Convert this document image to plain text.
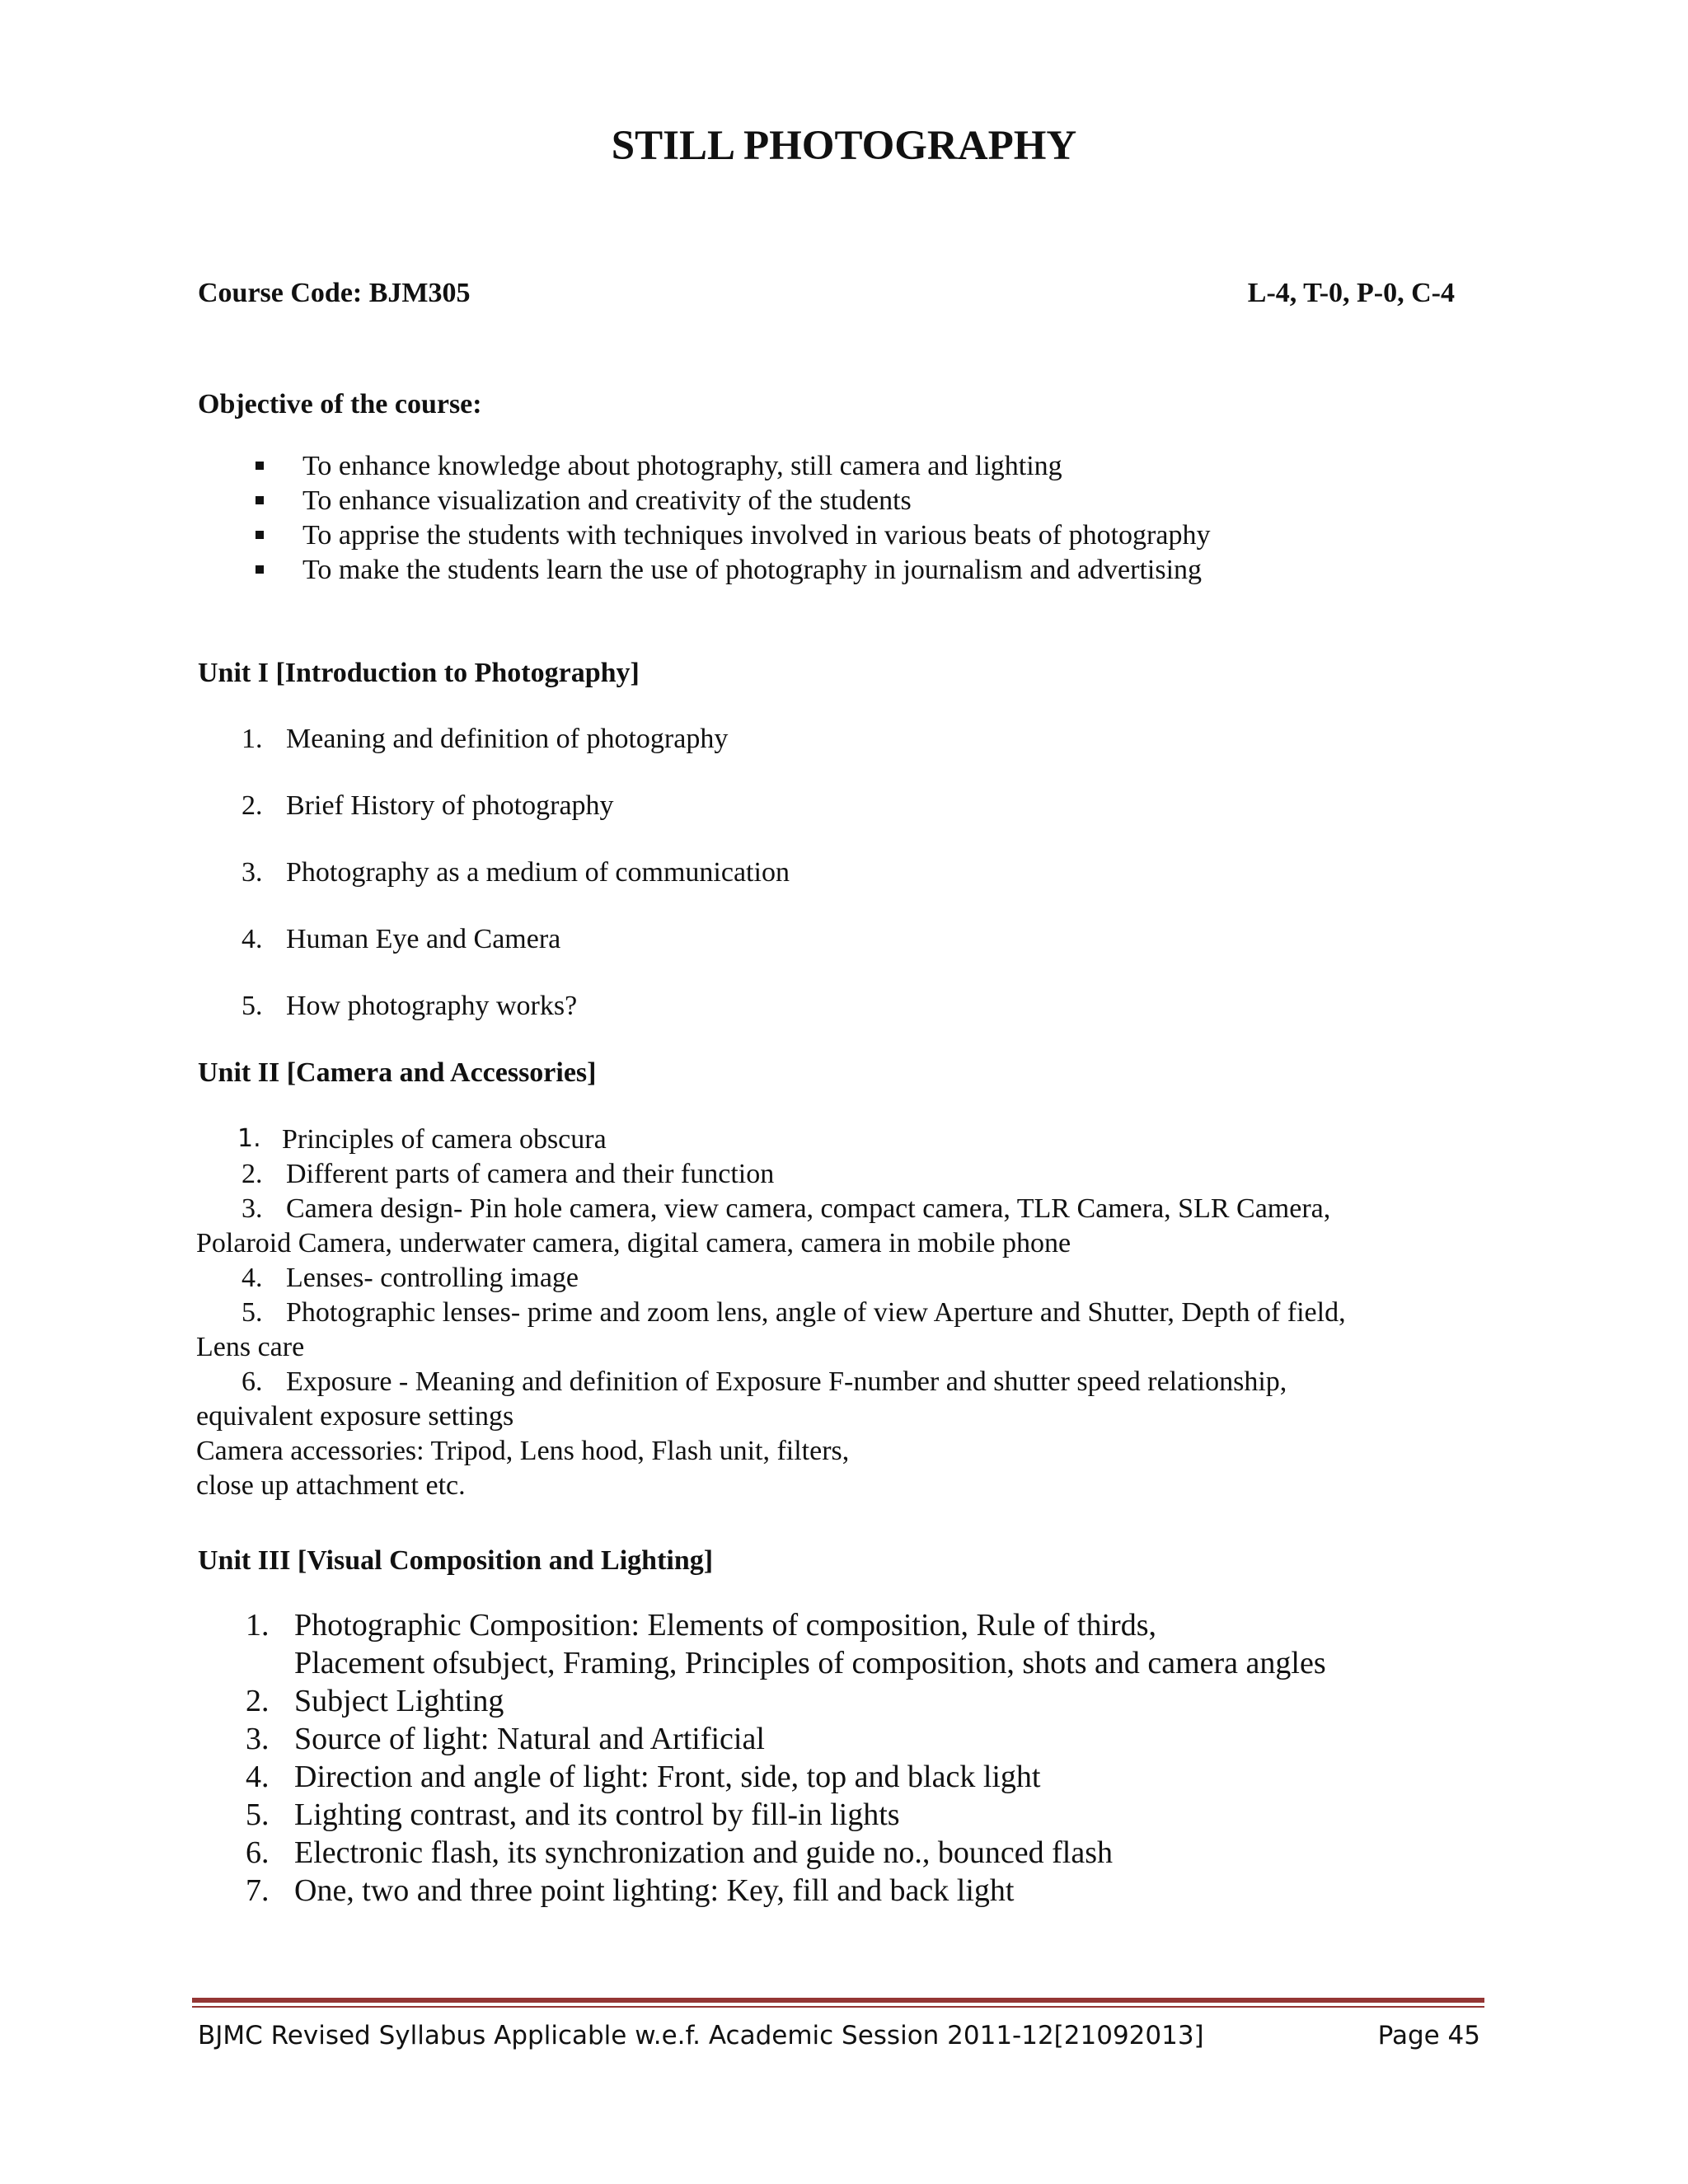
STILL PHOTOGRAPHY
Course Code: BJM305	L-4, T-0, P-0, C-4
Objective of the course:
To enhance knowledge about photography, still camera and lighting
To enhance visualization and creativity of the students
To apprise the students with techniques involved in various beats of photography
To make the students learn the use of photography in journalism and advertising
Unit I [Introduction to Photography]
1. Meaning and definition of photography
2. Brief History of photography
3. Photography as a medium of communication
4. Human Eye and Camera
5. How photography works?
Unit II [Camera and Accessories]
1. Principles of camera obscura
2. Different parts of camera and their function
3. Camera design- Pin hole camera, view camera, compact camera, TLR Camera, SLR Camera,
Polaroid Camera, underwater camera, digital camera, camera in mobile phone
4. Lenses- controlling image
5. Photographic lenses- prime and zoom lens, angle of view Aperture and Shutter, Depth of field,
Lens care
6. Exposure - Meaning and definition of Exposure F-number and shutter speed relationship,
equivalent exposure settings
Camera accessories: Tripod, Lens hood, Flash unit, filters,
close up attachment etc.
Unit III [Visual Composition and Lighting]
1. Photographic Composition: Elements of composition, Rule of thirds,
Placement ofsubject, Framing, Principles of composition, shots and camera angles
2. Subject Lighting
3. Source of light: Natural and Artificial
4. Direction and angle of light: Front, side, top and black light
5. Lighting contrast, and its control by fill-in lights
6. Electronic flash, its synchronization and guide no., bounced flash
7. One, two and three point lighting: Key, fill and back light
BJMC Revised Syllabus Applicable w.e.f. Academic Session 2011-12[21092013]	Page 45
